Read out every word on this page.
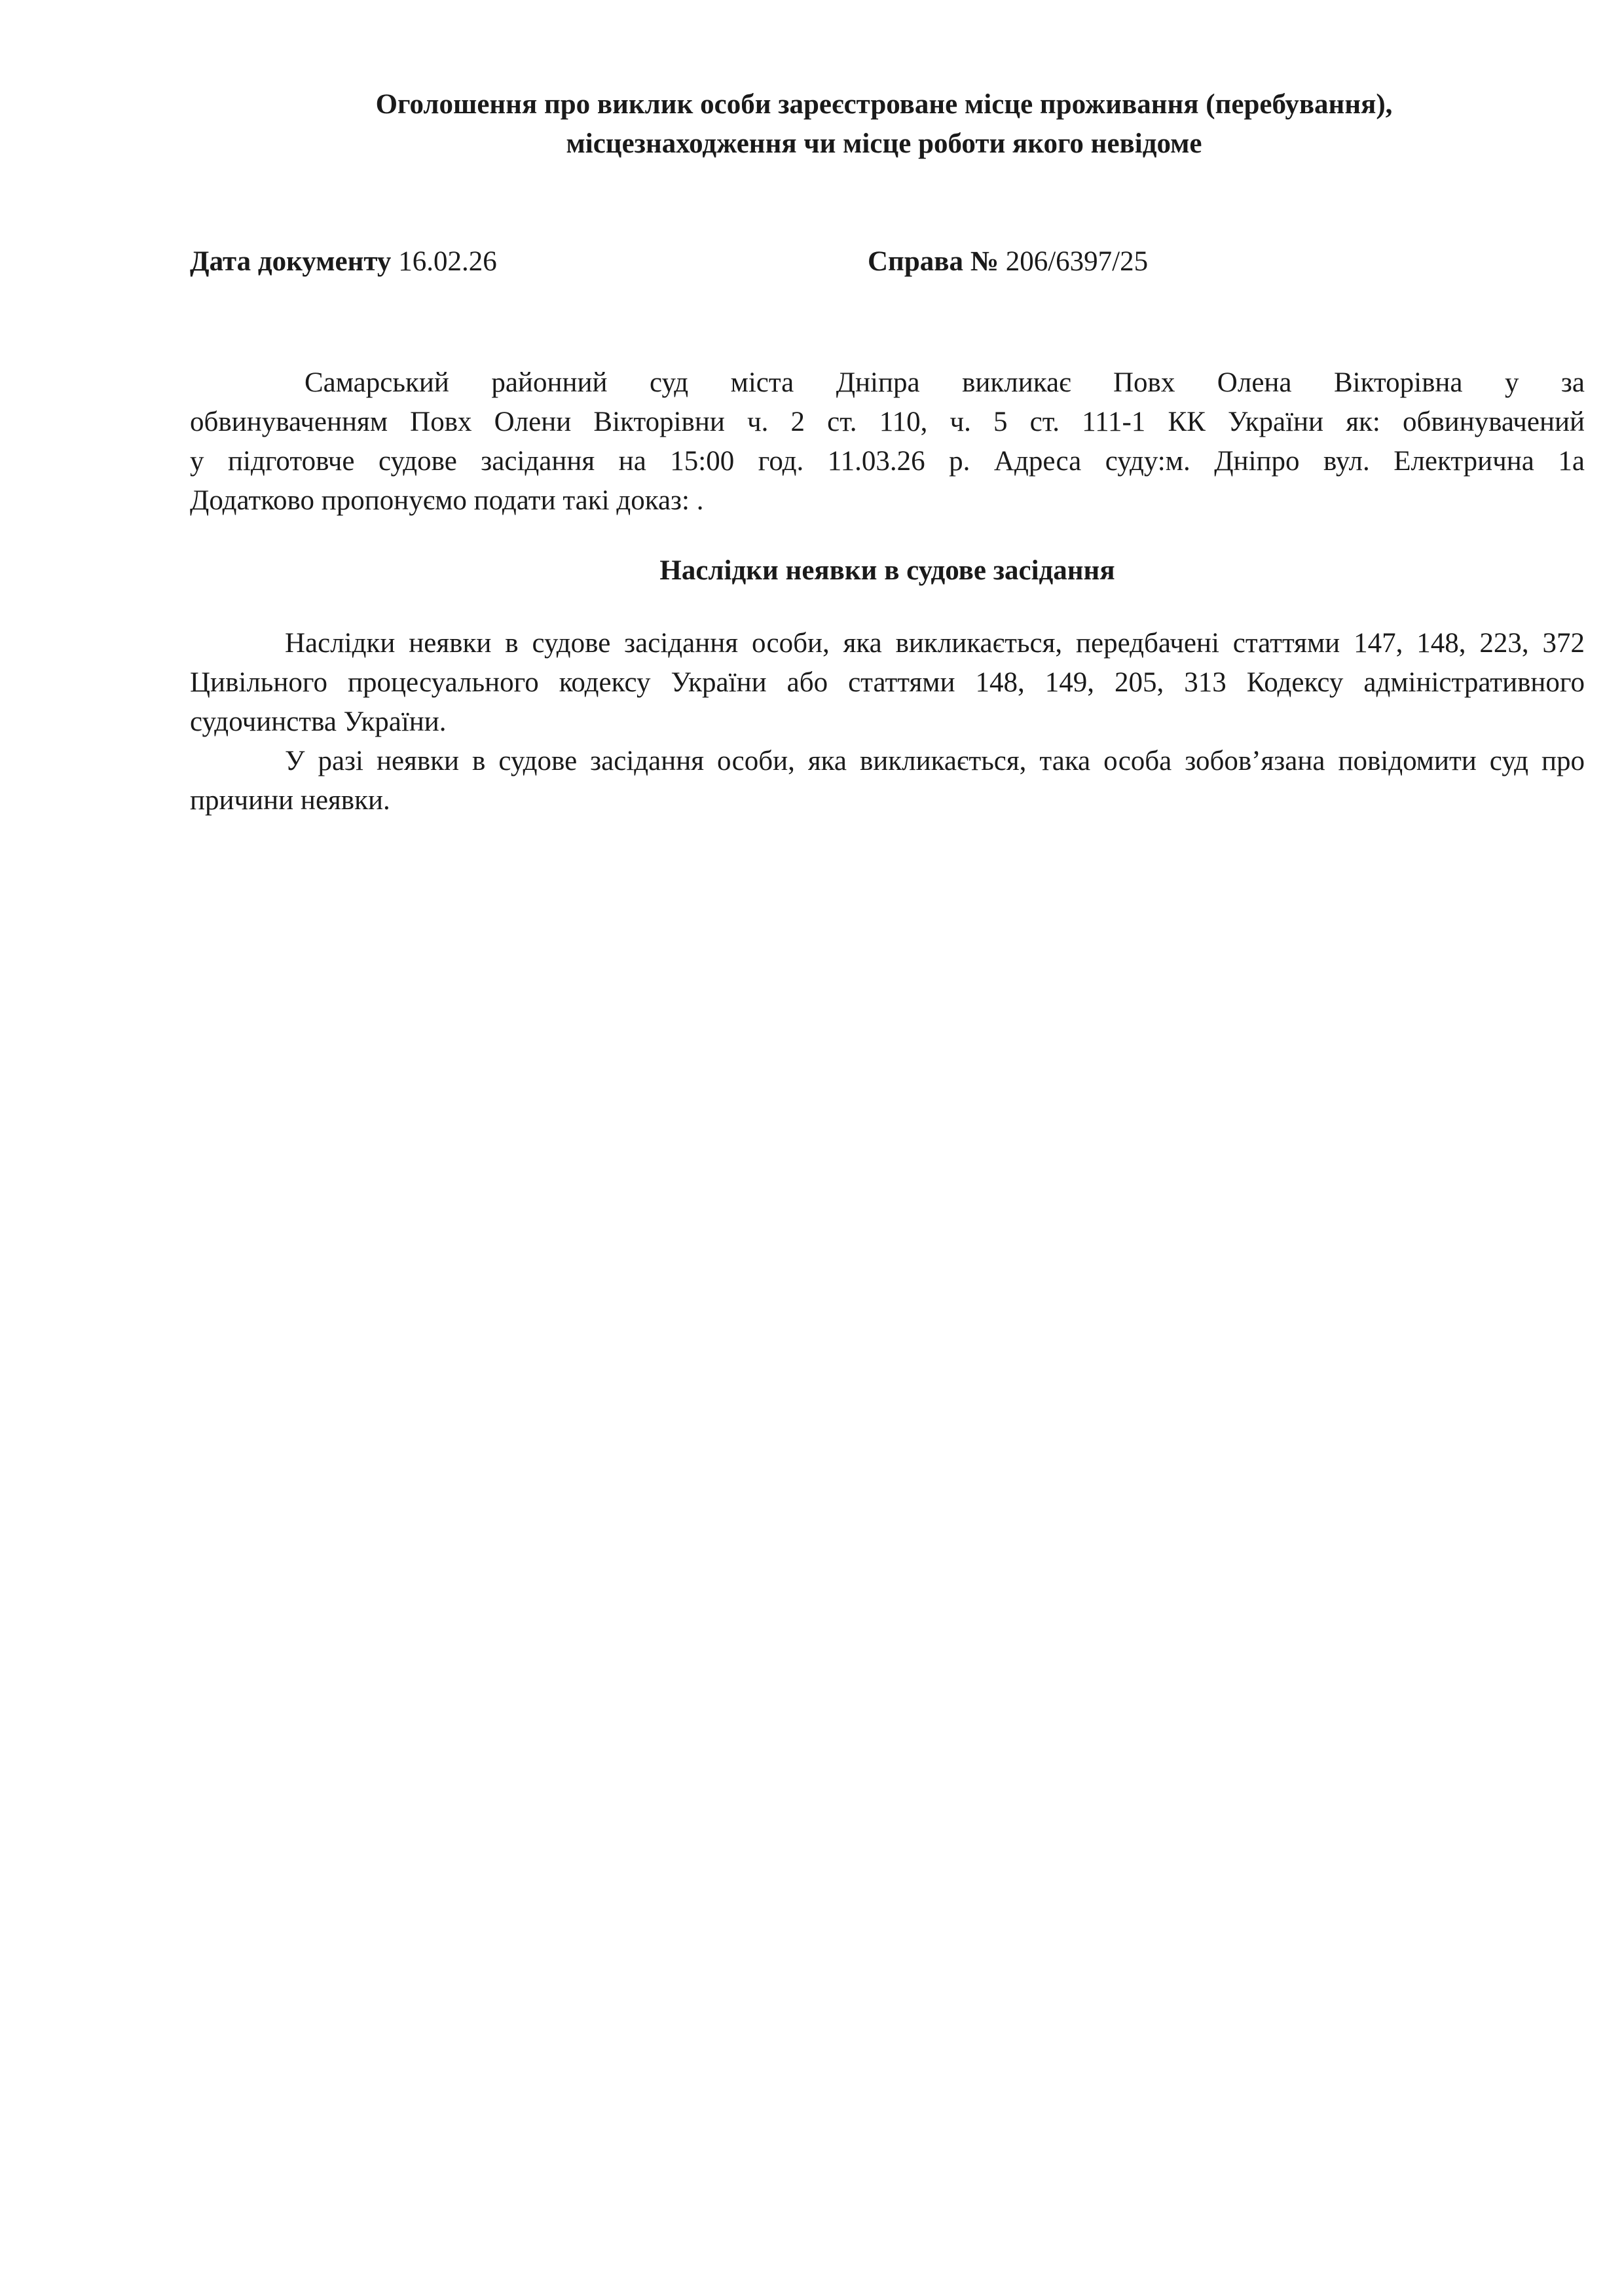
Оголошення про виклик особи зареєстроване місце проживання (перебування),
місцезнаходження чи місце роботи якого невідоме
Дата документу 16.02.26	Справа № 206/6397/25
Самарський районний суд міста Дніпра викликає Повх Олена Вікторівна у за
обвинуваченням Повх Олени Вікторівни ч. 2 ст. 110, ч. 5 ст. 111-1 КК України як: обвинувачений
у підготовче судове засідання на 15:00 год. 11.03.26 р. Адреса суду:м. Дніпро вул. Електрична 1а
Додатково пропонуємо подати такі доказ: .
Наслідки неявки в судове засідання

Наслідки неявки в судове засідання особи, яка викликається, передбачені статтями 147, 148, 223, 372 Цивільного процесуального кодексу України або статтями 148, 149, 205, 313 Кодексу адміністративного судочинства України.

У разі неявки в судове засідання особи, яка викликається, така особа зобов’язана повідомити суд про причини неявки.
